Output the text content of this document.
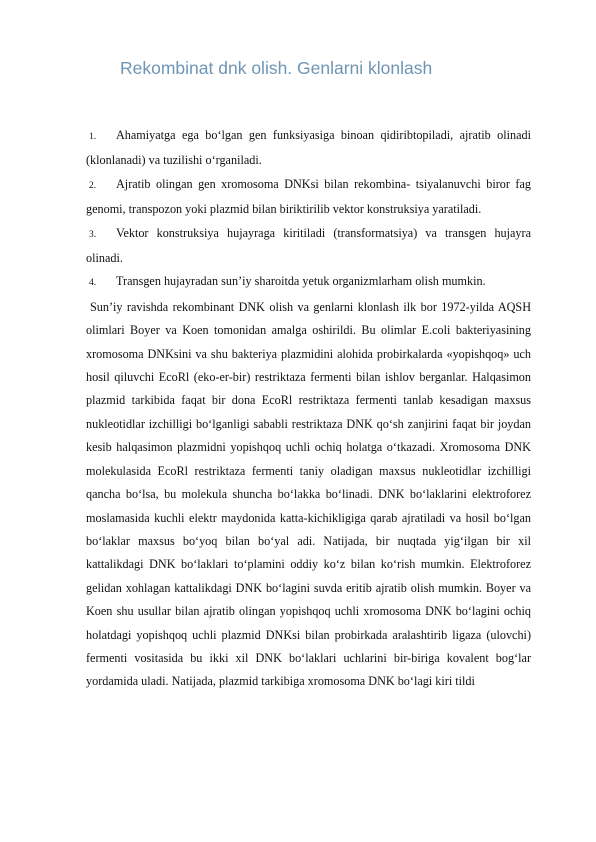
Rekombinat dnk olish. Genlarni klonlash

1. Ahamiyatga ega bo‘lgan gen funksiyasiga binoan qidiribtopiladi, ajratib olinadi (klonlanadi) va tuzilishi o‘rganiladi.

2. Ajratib olingan gen xromosoma DNKsi bilan rekombina- tsiyalanuvchi biror fag genomi, transpozon yoki plazmid bilan biriktirilib vektor konstruksiya yaratiladi.

3. Vektor konstruksiya hujayraga kiritiladi (transformatsiya) va transgen hujayra olinadi.

4. Transgen hujayradan sun’iy sharoitda yetuk organizmlarham olish mumkin.

Sun’iy ravishda rekombinant DNK olish va genlarni klonlash ilk bor 1972-yilda AQSH olimlari Boyer va Koen tomonidan amalga oshirildi. Bu olimlar E.coli bakteriyasining xromosoma DNKsini va shu bakteriya plazmidini alohida probirkalarda «yopishqoq» uch hosil qiluvchi EcoRl (eko-er-bir) restriktaza fermenti bilan ishlov berganlar. Halqasimon plazmid tarkibida faqat bir dona EcoRl restriktaza fermenti tanlab kesadigan maxsus nukleotidlar izchilligi bo‘lganligi sababli restriktaza DNK qo‘sh zanjirini faqat bir joydan kesib halqasimon plazmidni yopishqoq uchli ochiq holatga o‘tkazadi. Xromosoma DNK molekulasida EcoRl restriktaza fermenti taniy oladigan maxsus nukleotidlar izchilligi qancha bo‘lsa, bu molekula shuncha bo‘lakka bo‘linadi. DNK bo‘laklarini elektroforez moslamasida kuchli elektr maydonida katta-kichikligiga qarab ajratiladi va hosil bo‘lgan bo‘laklar maxsus bo‘yoq bilan bo‘yal adi. Natijada, bir nuqtada yig‘ilgan bir xil kattalikdagi DNK bo‘laklari to‘plamini oddiy ko‘z bilan ko‘rish mumkin. Elektroforez gelidan xohlagan kattalikdagi DNK bo‘lagini suvda eritib ajratib olish mumkin. Boyer va Koen shu usullar bilan ajratib olingan yopishqoq uchli xromosoma DNK bo‘lagini ochiq holatdagi yopishqoq uchli plazmid DNKsi bilan probirkada aralashtirib ligaza (ulovchi) fermenti vositasida bu ikki xil DNK bo‘laklari uchlarini bir-biriga kovalent bog‘lar yordamida uladi. Natijada, plazmid tarkibiga xromosoma DNK bo‘lagi kiri tildi
